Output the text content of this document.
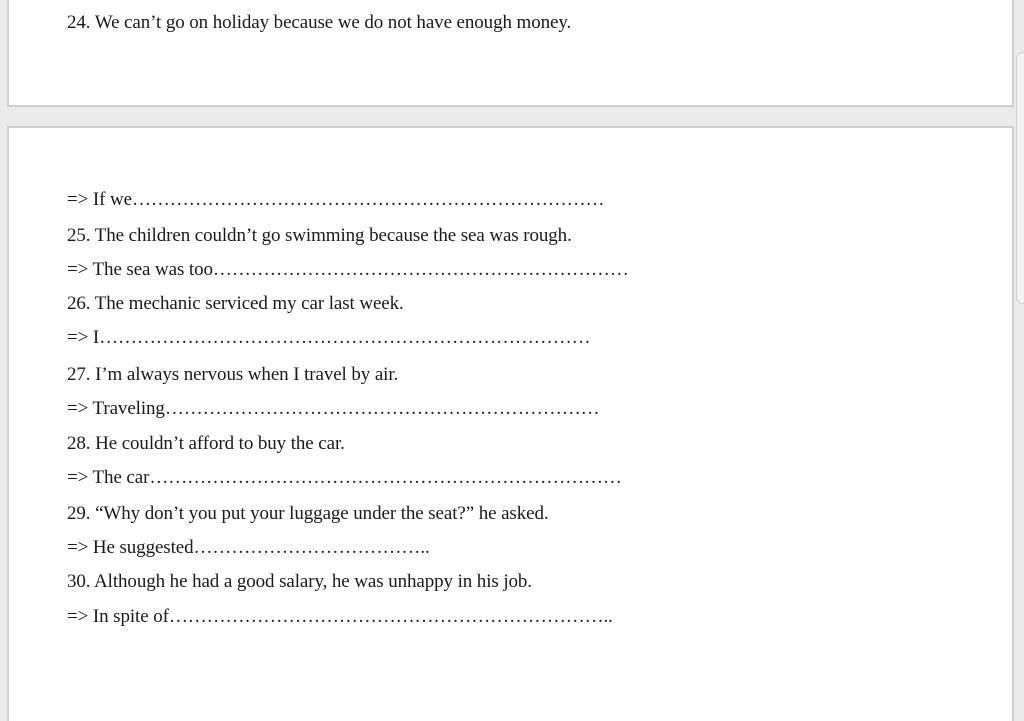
24. We can’t go on holiday because we do not have enough money.
=> If we…………………………………………………………………
25. The children couldn’t go swimming because the sea was rough.
=> The sea was too…………………………………………………………
26. The mechanic serviced my car last week.
=> I……………………………………………………………………
27. I’m always nervous when I travel by air.
=> Traveling……………………………………………………………
28. He couldn’t afford to buy the car.
=> The car…………………………………………………………………
29. “Why don’t you put your luggage under the seat?” he asked.
=> He suggested………………………………..
30. Although he had a good salary, he was unhappy in his job.
=> In spite of……………………………………………………………..
